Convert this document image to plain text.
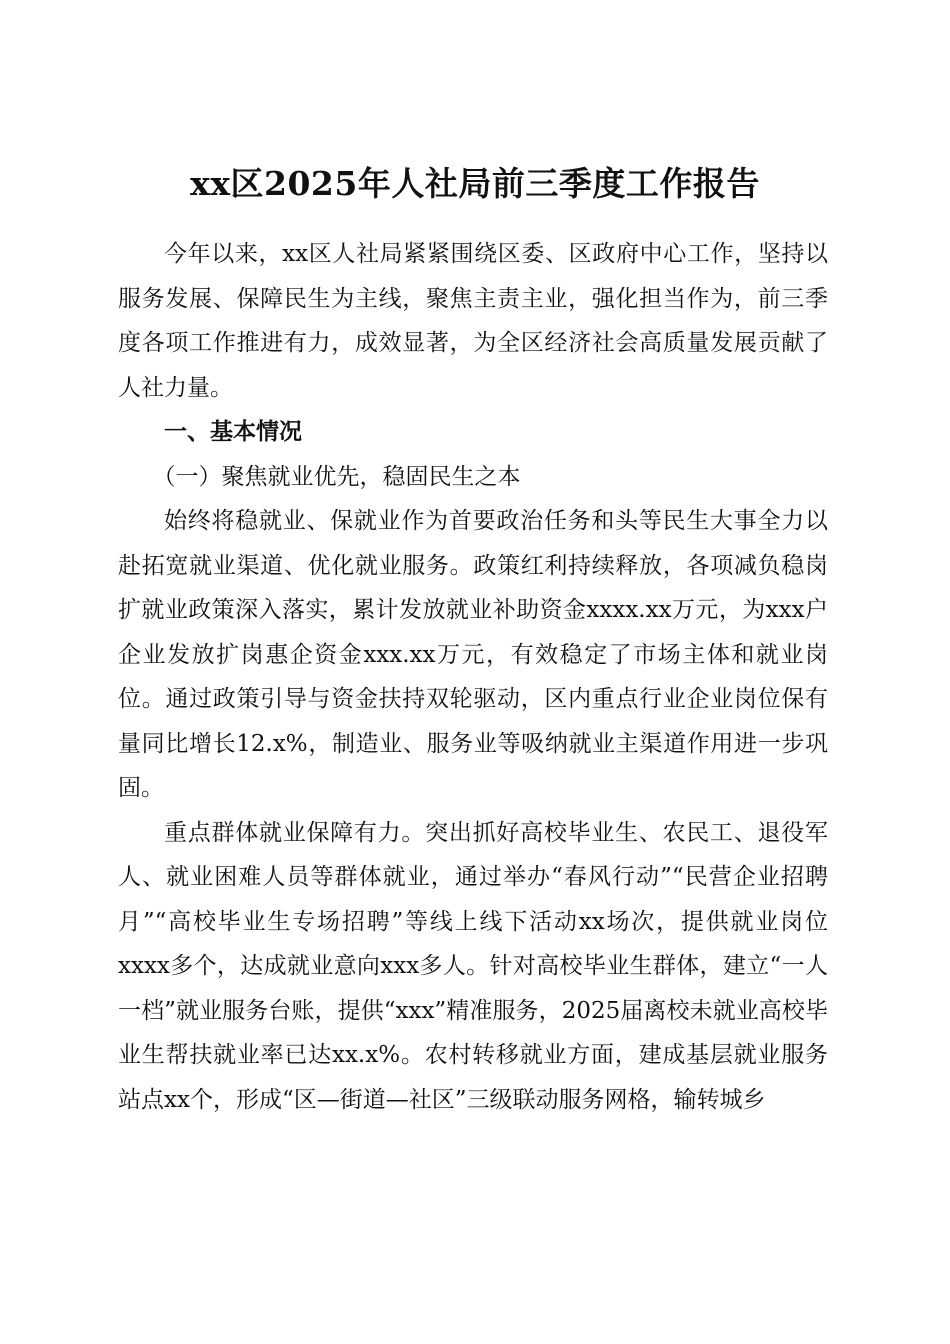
xx区2025年人社局前三季度工作报告

今年以来，xx区人社局紧紧围绕区委、区政府中心工作，坚持以服务发展、保障民生为主线，聚焦主责主业，强化担当作为，前三季度各项工作推进有力，成效显著，为全区经济社会高质量发展贡献了人社力量。

一、基本情况
（一）聚焦就业优先，稳固民生之本

始终将稳就业、保就业作为首要政治任务和头等民生大事全力以赴拓宽就业渠道、优化就业服务。政策红利持续释放，各项减负稳岗扩就业政策深入落实，累计发放就业补助资金xxxx.xx万元，为xxx户企业发放扩岗惠企资金xxx.xx万元，有效稳定了市场主体和就业岗位。通过政策引导与资金扶持双轮驱动，区内重点行业企业岗位保有量同比增长12.x%，制造业、服务业等吸纳就业主渠道作用进一步巩固。

重点群体就业保障有力。突出抓好高校毕业生、农民工、退役军人、就业困难人员等群体就业，通过举办“春风行动”“民营企业招聘月”“高校毕业生专场招聘”等线上线下活动xx场次，提供就业岗位xxxx多个，达成就业意向xxx多人。针对高校毕业生群体，建立“一人一档”就业服务台账，提供“xxx”精准服务，2025届离校未就业高校毕业生帮扶就业率已达xx.x%。农村转移就业方面，建成基层就业服务站点xx个，形成“区—街道—社区”三级联动服务网格，输转城乡
